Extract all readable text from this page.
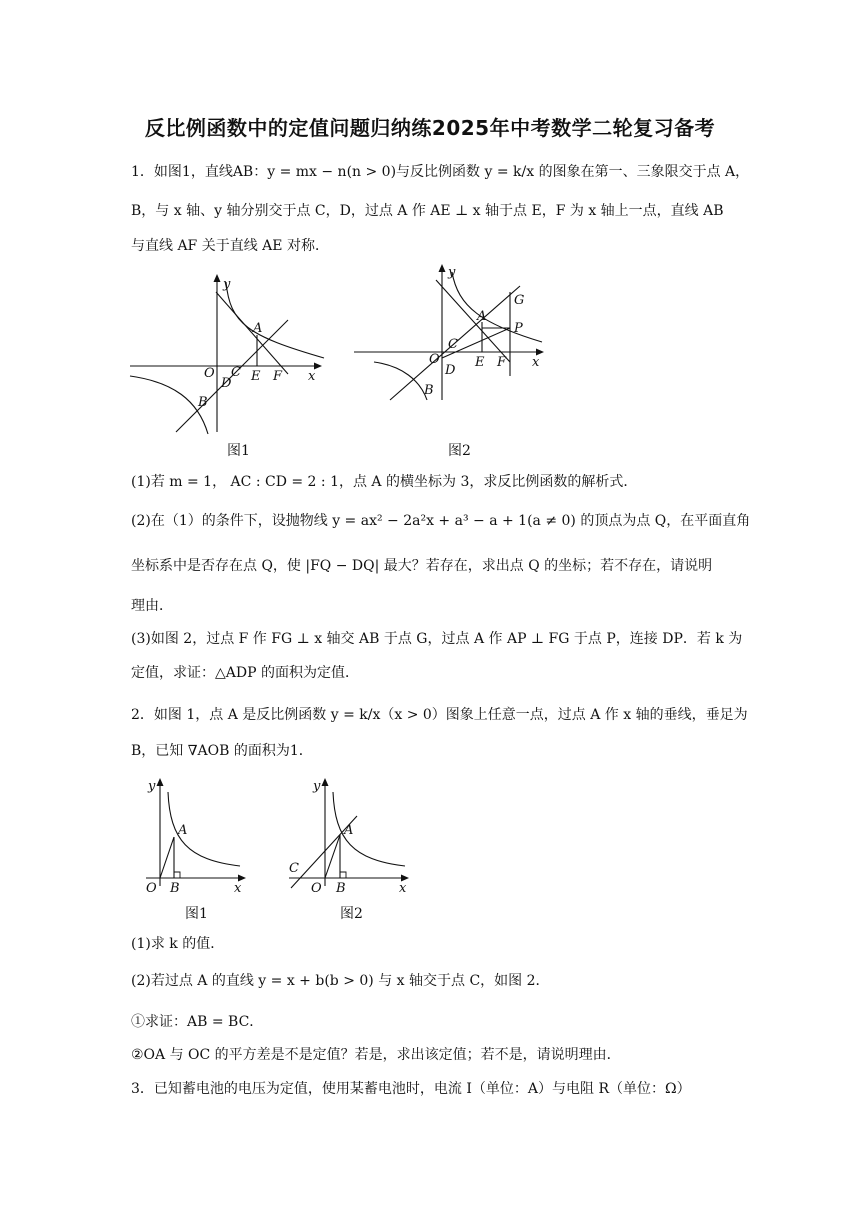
反比例函数中的定值问题归纳练2025年中考数学二轮复习备考
1．如图1，直线AB：y = mx − n(n > 0)与反比例函数 y = k/x 的图象在第一、三象限交于点 A，
B，与 x 轴、y 轴分别交于点 C，D，过点 A 作 AE ⊥ x 轴于点 E，F 为 x 轴上一点，直线 AB
与直线 AF 关于直线 AE 对称．
y
A
O C
D E F x
B
图1
y
G
A
P
C
O	E F x
D
B
图2
(1)若 m = 1， AC : CD = 2 : 1，点 A 的横坐标为 3，求反比例函数的解析式．
(2)在（1）的条件下，设抛物线 y = ax² − 2a²x + a³ − a + 1(a ≠ 0) 的顶点为点 Q，在平面直角
坐标系中是否存在点 Q，使 |FQ − DQ| 最大？若存在，求出点 Q 的坐标；若不存在，请说明
理由．
(3)如图 2，过点 F 作 FG ⊥ x 轴交 AB 于点 G，过点 A 作 AP ⊥ FG 于点 P，连接 DP．若 k 为
定值，求证：△ADP 的面积为定值．
2．如图 1，点 A 是反比例函数 y = k/x（x > 0）图象上任意一点，过点 A 作 x 轴的垂线，垂足为
B，已知 ∇AOB 的面积为1．
y
A
O B	x
图1
y
A
C
O B	x
图2
(1)求 k 的值．
(2)若过点 A 的直线 y = x + b(b > 0) 与 x 轴交于点 C，如图 2．
①求证：AB = BC．
②OA 与 OC 的平方差是不是定值？若是，求出该定值；若不是，请说明理由．
3．已知蓄电池的电压为定值，使用某蓄电池时，电流 I（单位：A）与电阻 R（单位：Ω）
